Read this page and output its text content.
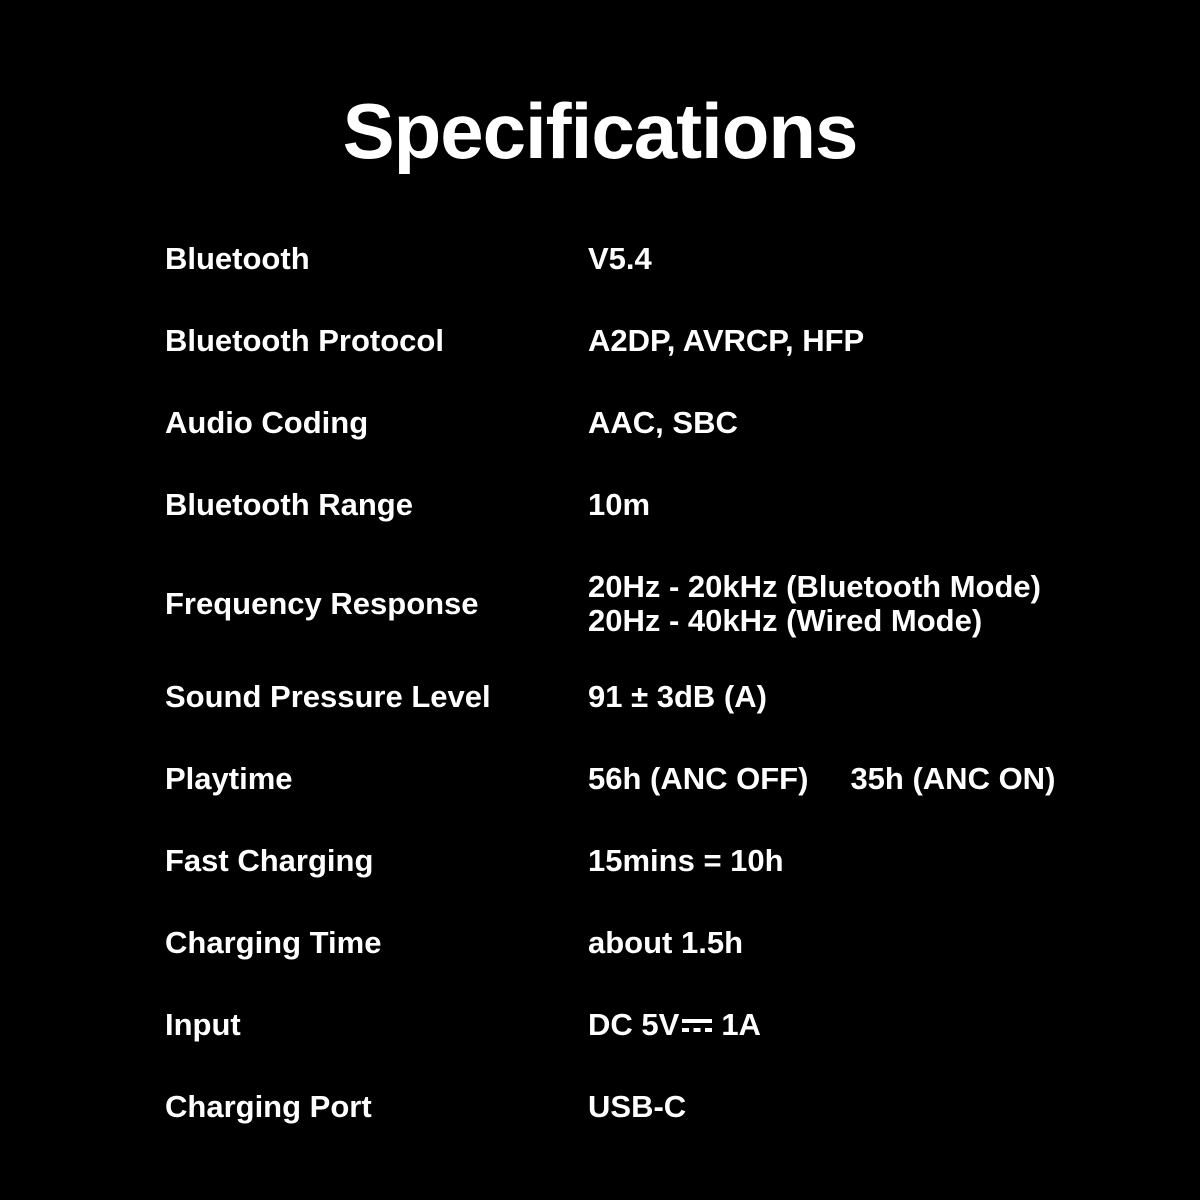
Specifications
Bluetooth	V5.4
Bluetooth Protocol	A2DP, AVRCP, HFP
Audio Coding	AAC, SBC
Bluetooth Range	10m
Frequency Response	20Hz - 20kHz (Bluetooth Mode)
20Hz - 40kHz (Wired Mode)
Sound Pressure Level	91 ± 3dB (A)
Playtime	56h (ANC OFF) 35h (ANC ON)
Fast Charging	15mins = 10h
Charging Time	about 1.5h
Input	DC 5V 1A
Charging Port	USB-C
